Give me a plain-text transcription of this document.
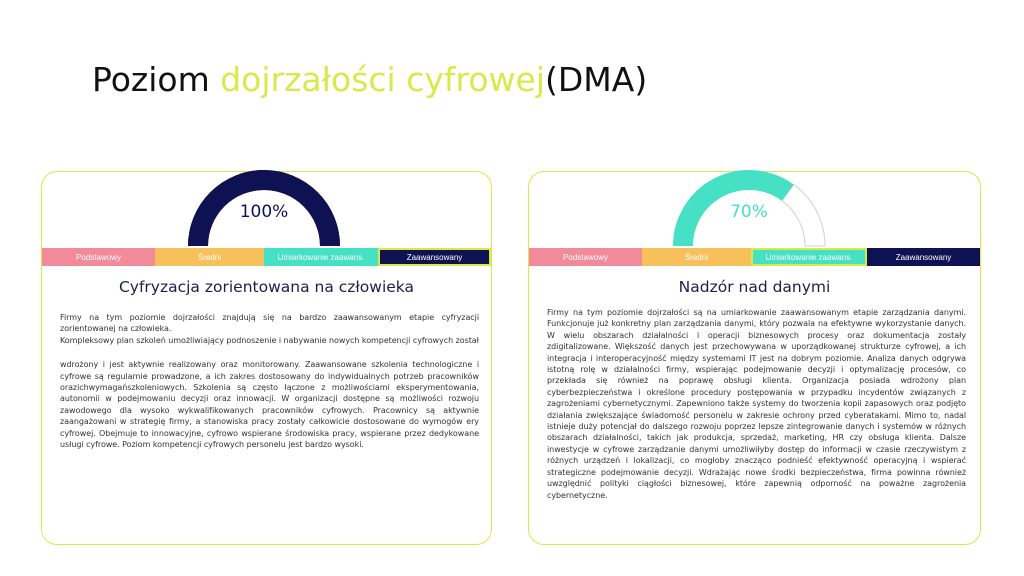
Poziom dojrzałości cyfrowej(DMA)
100%
Podstawowy	Średni	Umiarkowanie zaawans.	Zaawansowany
Cyfryzacja zorientowana na człowieka

Firmy na tym poziomie dojrzałości znajdują się na bardzo zaawansowanym etapie cyfryzacji zorientowanej na człowieka.

Kompleksowy plan szkoleń umożliwiający podnoszenie i nabywanie nowych kompetencji cyfrowych został

wdrożony i jest aktywnie realizowany oraz monitorowany. Zaawansowane szkolenia technologiczne i cyfrowe są regularnie prowadzone, a ich zakres dostosowany do indywidualnych potrzeb pracowników orazichwymagańszkoleniowych. Szkolenia są często łączone z możliwościami eksperymentowania, autonomii w podejmowaniu decyzji oraz innowacji. W organizacji dostępne są możliwości rozwoju zawodowego dla wysoko wykwalifikowanych pracowników cyfrowych. Pracownicy są aktywnie zaangażowani w strategię firmy, a stanowiska pracy zostały całkowicie dostosowane do wymogów ery cyfrowej. Obejmuje to innowacyjne, cyfrowo wspierane środowiska pracy, wspierane przez dedykowane usługi cyfrowe. Poziom kompetencji cyfrowych personelu jest bardzo wysoki.

70%
Podstawowy	Średni	Umiarkowanie zaawans.	Zaawansowany
Nadzór nad danymi

Firmy na tym poziomie dojrzałości są na umiarkowanie zaawansowanym etapie zarządzania danymi. Funkcjonuje już konkretny plan zarządzania danymi, który pozwala na efektywne wykorzystanie danych. W wielu obszarach działalności i operacji biznesowych procesy oraz dokumentacja zostały zdigitalizowane. Większość danych jest przechowywana w uporządkowanej strukturze cyfrowej, a ich integracja i interoperacyjność między systemami IT jest na dobrym poziomie. Analiza danych odgrywa istotną rolę w działalności firmy, wspierając podejmowanie decyzji i optymalizację procesów, co przekłada się również na poprawę obsługi klienta. Organizacja posiada wdrożony plan cyberbezpieczeństwa i określone procedury postępowania w przypadku incydentów związanych z zagrożeniami cybernetycznymi. Zapewniono także systemy do tworzenia kopii zapasowych oraz podjęto działania zwiększające świadomość personelu w zakresie ochrony przed cyberatakami. Mimo to, nadal istnieje duży potencjał do dalszego rozwoju poprzez lepsze zintegrowanie danych i systemów w różnych obszarach działalności, takich jak produkcja, sprzedaż, marketing, HR czy obsługa klienta. Dalsze inwestycje w cyfrowe zarządzanie danymi umożliwiłyby dostęp do informacji w czasie rzeczywistym z różnych urządzeń i lokalizacji, co mogłoby znacząco podnieść efektywność operacyjną i wspierać strategiczne podejmowanie decyzji. Wdrażając nowe środki bezpieczeństwa, firma powinna również uwzględnić polityki ciągłości biznesowej, które zapewnią odporność na poważne zagrożenia cybernetyczne.
